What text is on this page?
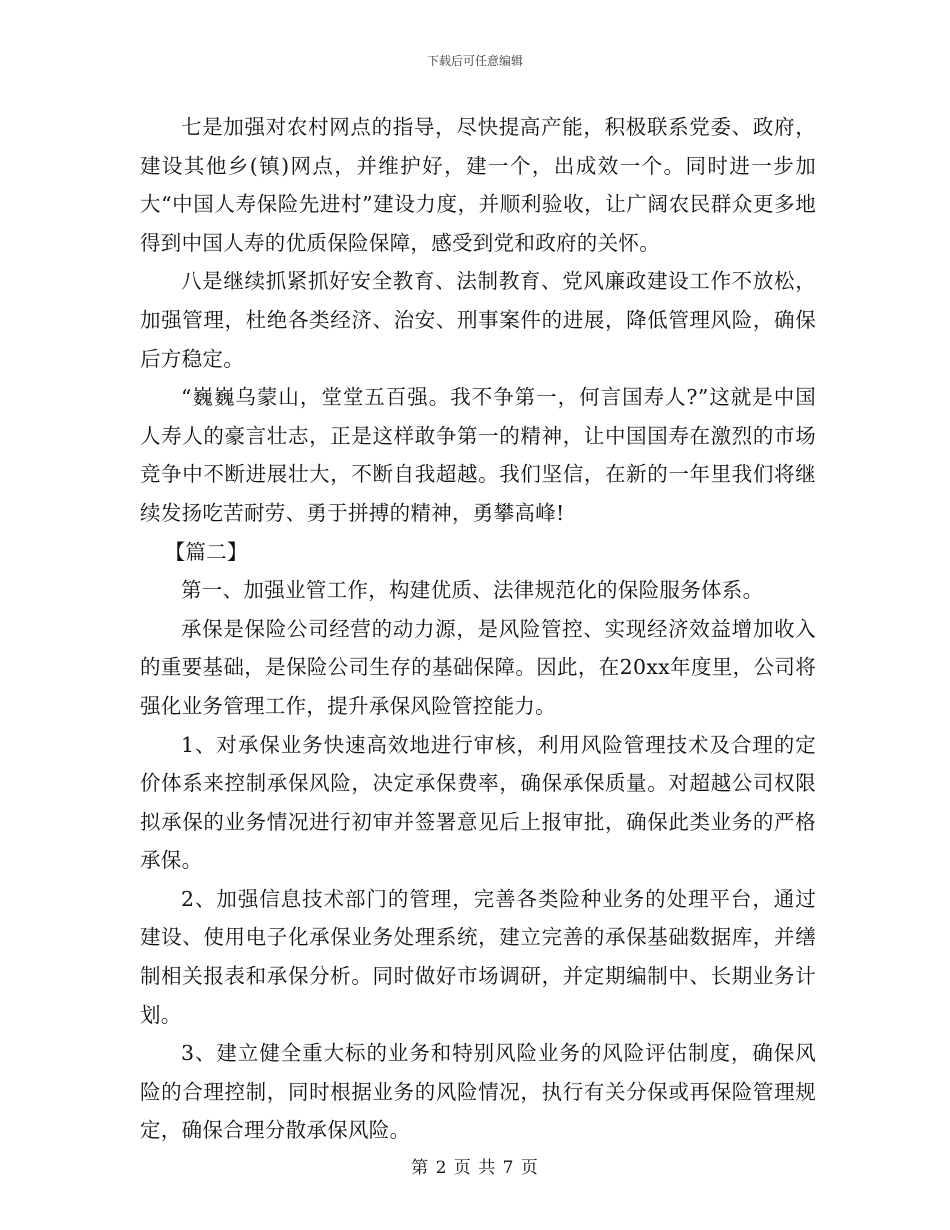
下载后可任意编辑

七是加强对农村网点的指导，尽快提高产能，积极联系党委、政府，建设其他乡(镇)网点，并维护好，建一个，出成效一个。同时进一步加大“中国人寿保险先进村”建设力度，并顺利验收，让广阔农民群众更多地得到中国人寿的优质保险保障，感受到党和政府的关怀。

八是继续抓紧抓好安全教育、法制教育、党风廉政建设工作不放松，加强管理，杜绝各类经济、治安、刑事案件的进展，降低管理风险，确保后方稳定。

“巍巍乌蒙山，堂堂五百强。我不争第一，何言国寿人?”这就是中国人寿人的豪言壮志，正是这样敢争第一的精神，让中国国寿在激烈的市场竞争中不断进展壮大，不断自我超越。我们坚信，在新的一年里我们将继续发扬吃苦耐劳、勇于拼搏的精神，勇攀高峰!

【篇二】

第一、加强业管工作，构建优质、法律规范化的保险服务体系。

承保是保险公司经营的动力源，是风险管控、实现经济效益增加收入的重要基础，是保险公司生存的基础保障。因此，在20xx年度里，公司将强化业务管理工作，提升承保风险管控能力。

1、对承保业务快速高效地进行审核，利用风险管理技术及合理的定价体系来控制承保风险，决定承保费率，确保承保质量。对超越公司权限拟承保的业务情况进行初审并签署意见后上报审批，确保此类业务的严格承保。

2、加强信息技术部门的管理，完善各类险种业务的处理平台，通过建设、使用电子化承保业务处理系统，建立完善的承保基础数据库，并缮制相关报表和承保分析。同时做好市场调研，并定期编制中、长期业务计划。

3、建立健全重大标的业务和特别风险业务的风险评估制度，确保风险的合理控制，同时根据业务的风险情况，执行有关分保或再保险管理规定，确保合理分散承保风险。

第 2 页 共 7 页
